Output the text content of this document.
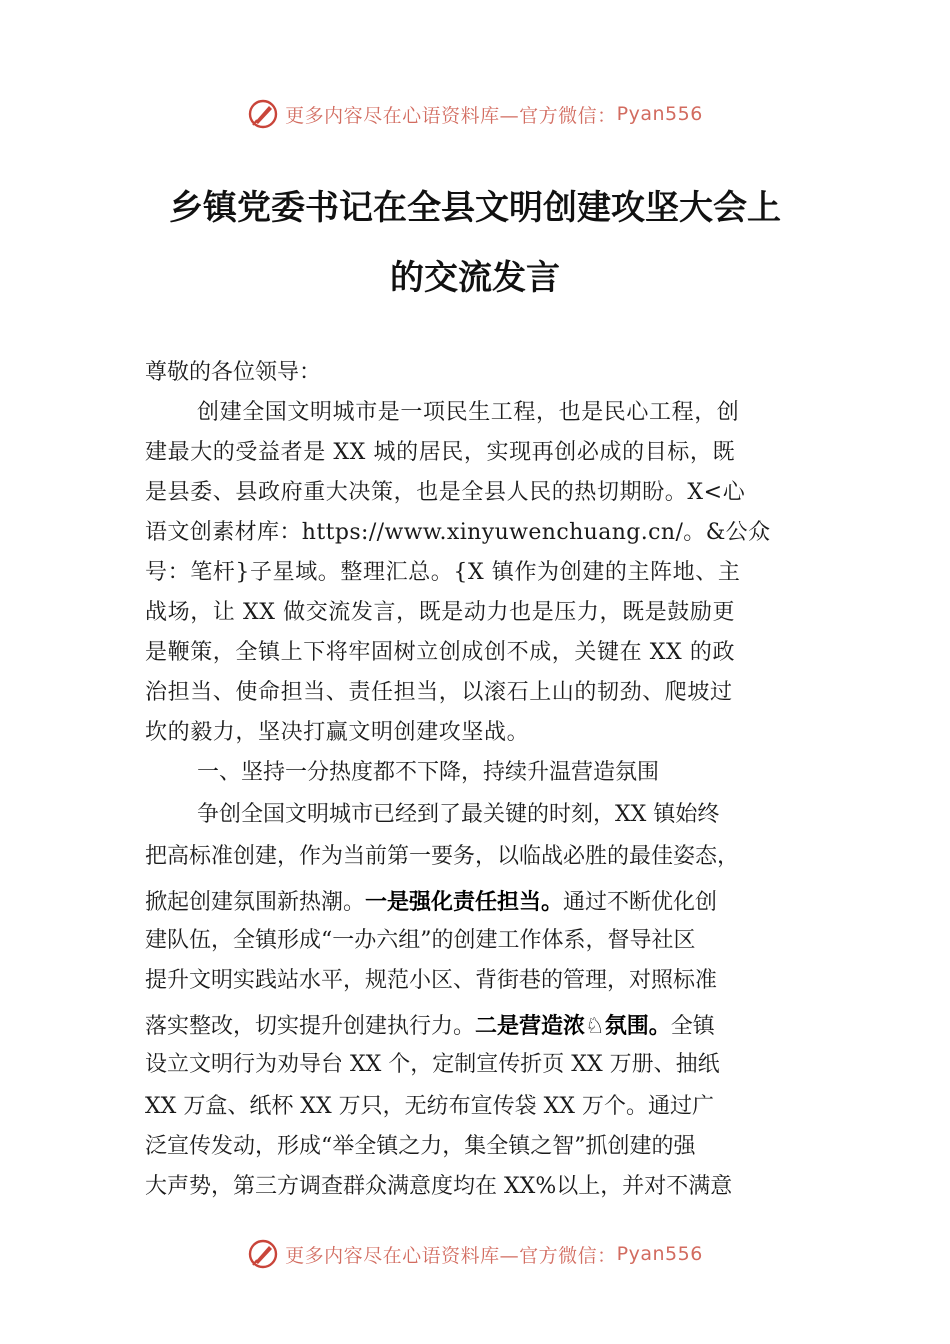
更多内容尽在心语资料库—官方微信： Pyan556
乡镇党委书记在全县文明创建攻坚大会上
的交流发言
尊敬的各位领导：
创建全国文明城市是一项民生工程，也是民心工程，创
建最大的受益者是 XX 城的居民，实现再创必成的目标，既
是县委、县政府重大决策，也是全县人民的热切期盼。X<心
语文创素材库：https://www.xinyuwenchuang.cn/。&公众
号：笔杆}子星域。整理汇总。{X 镇作为创建的主阵地、主
战场，让 XX 做交流发言，既是动力也是压力，既是鼓励更
是鞭策，全镇上下将牢固树立创成创不成，关键在 XX 的政
治担当、使命担当、责任担当，以滚石上山的韧劲、爬坡过
坎的毅力，坚决打赢文明创建攻坚战。
一、坚持一分热度都不下降，持续升温营造氛围
争创全国文明城市已经到了最关键的时刻，XX 镇始终
把高标准创建，作为当前第一要务，以临战必胜的最佳姿态，
掀起创建氛围新热潮。一是强化责任担当。通过不断优化创
建队伍，全镇形成“一办六组”的创建工作体系，督导社区
提升文明实践站水平，规范小区、背街巷的管理，对照标准
落实整改，切实提升创建执行力。二是营造浓♘氛围。全镇
设立文明行为劝导台 XX 个，定制宣传折页 XX 万册、抽纸
XX 万盒、纸杯 XX 万只，无纺布宣传袋 XX 万个。通过广
泛宣传发动，形成“举全镇之力，集全镇之智”抓创建的强
大声势，第三方调查群众满意度均在 XX%以上，并对不满意
更多内容尽在心语资料库—官方微信： Pyan556
